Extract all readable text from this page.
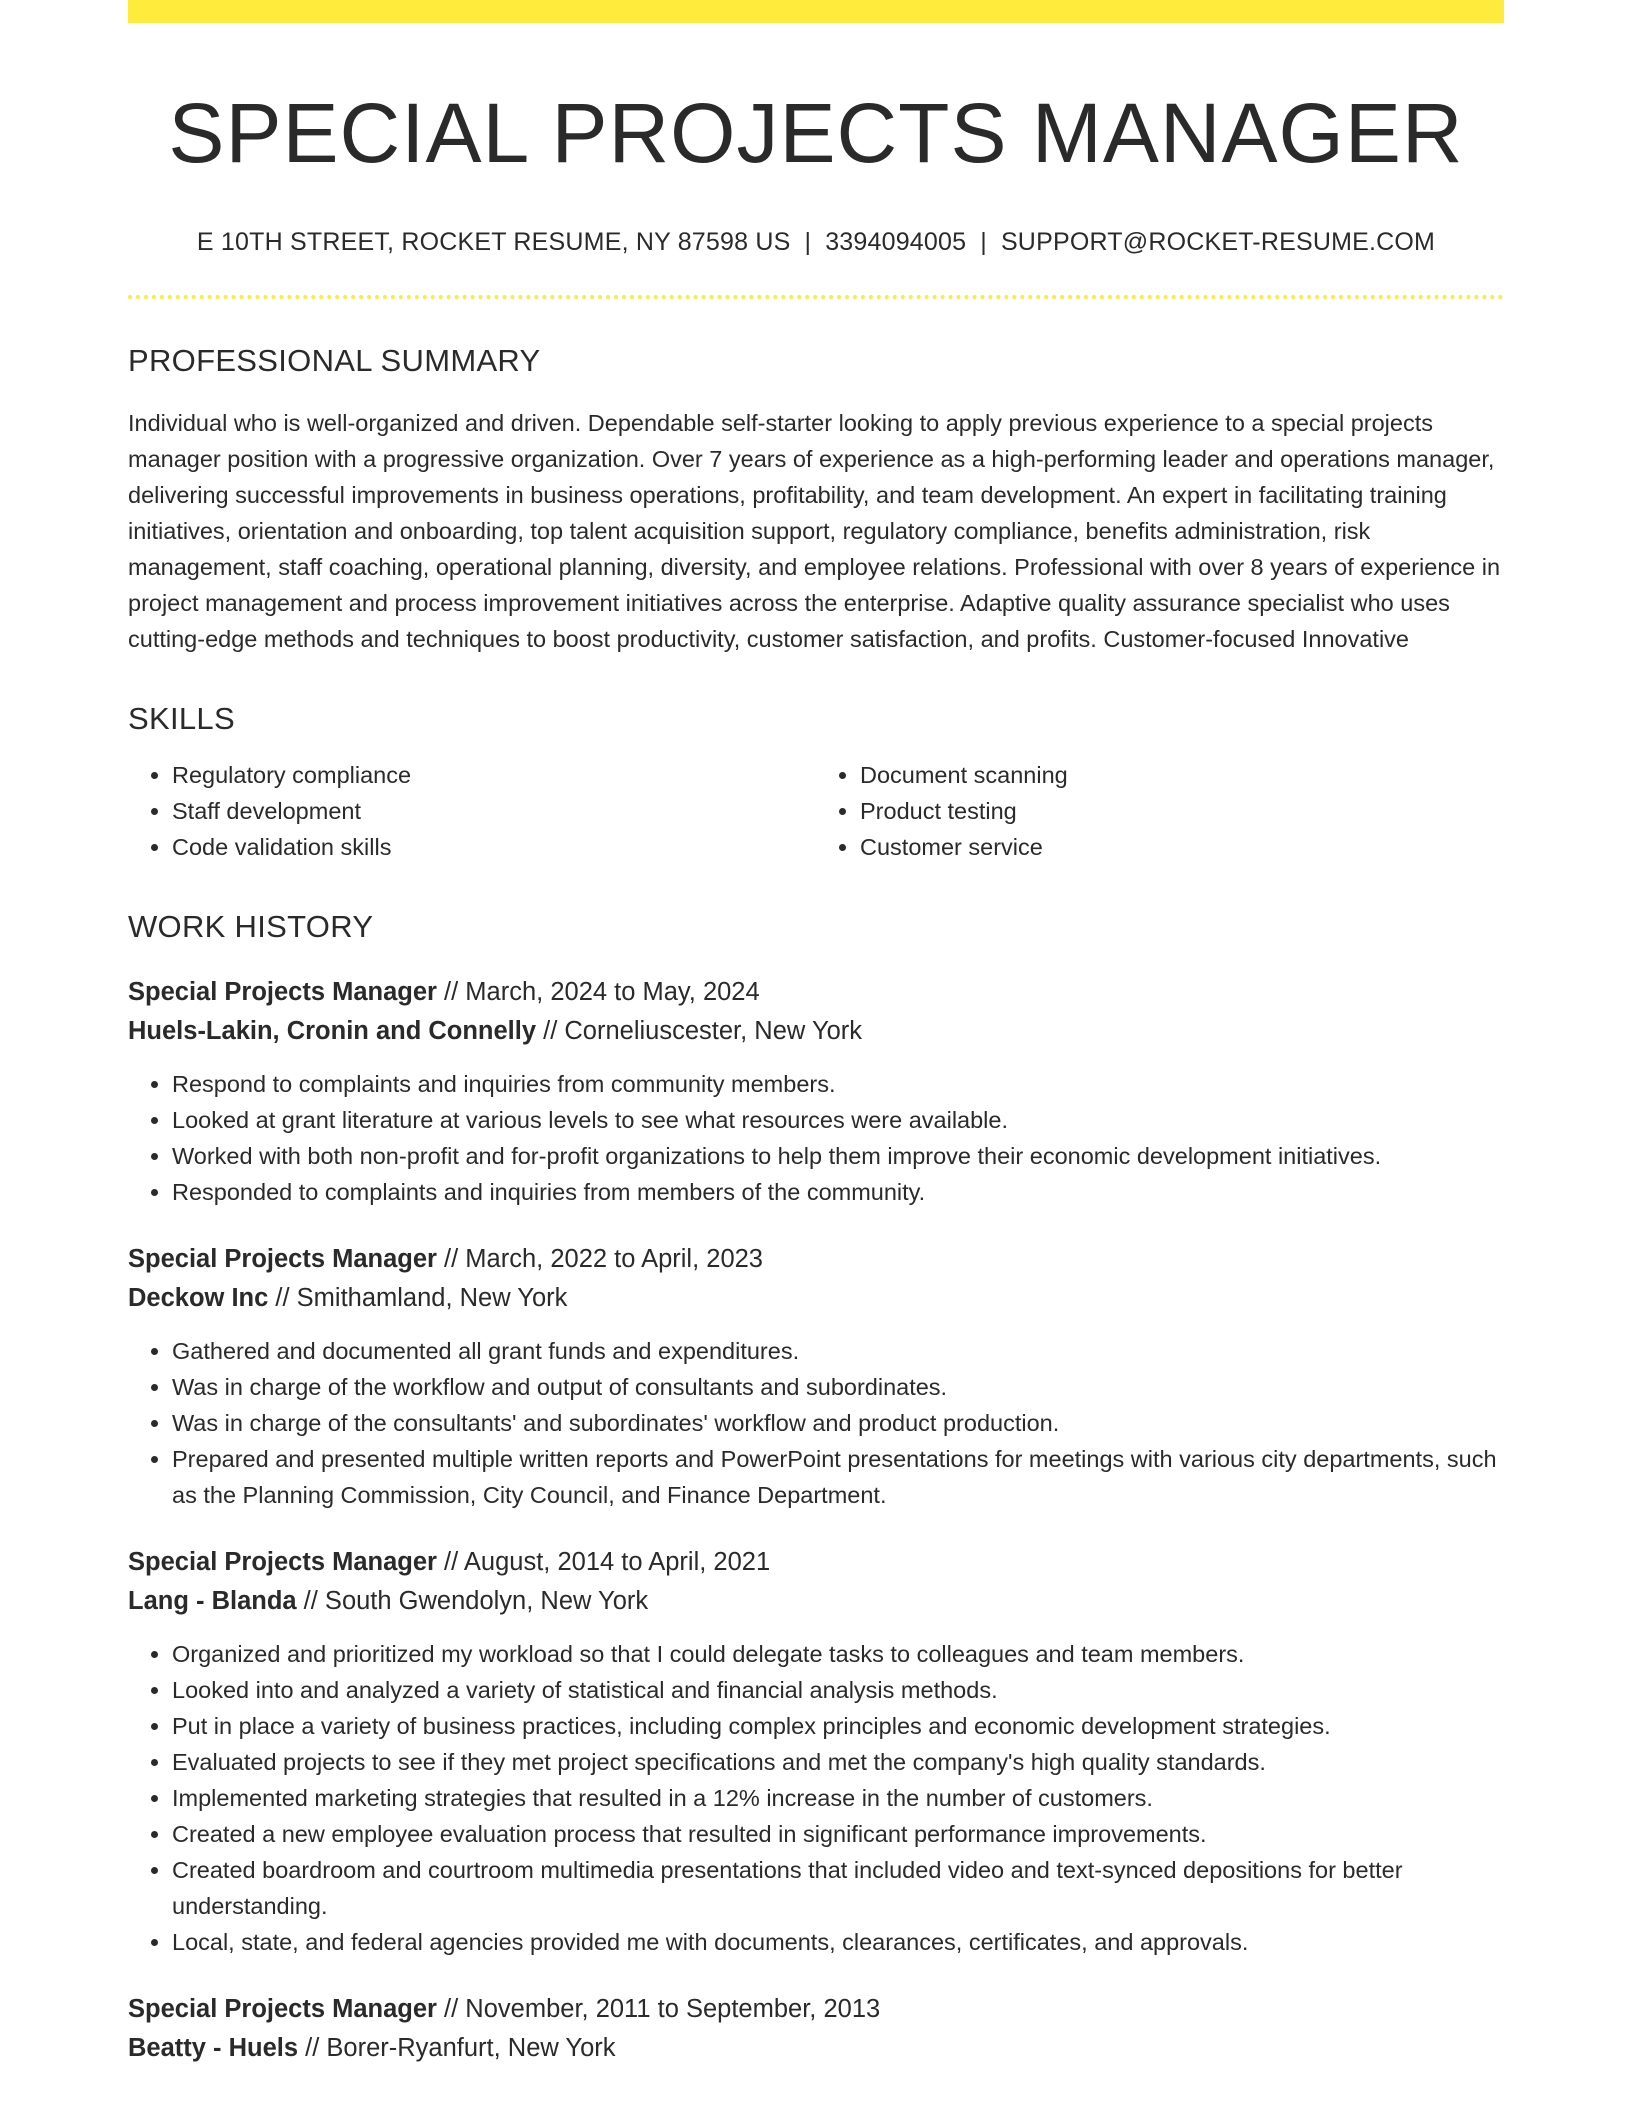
SPECIAL PROJECTS MANAGER
E 10TH STREET, ROCKET RESUME, NY 87598 US | 3394094005 | SUPPORT@ROCKET-RESUME.COM
PROFESSIONAL SUMMARY

Individual who is well-organized and driven. Dependable self-starter looking to apply previous experience to a special projects manager position with a progressive organization. Over 7 years of experience as a high-performing leader and operations manager, delivering successful improvements in business operations, profitability, and team development. An expert in facilitating training initiatives, orientation and onboarding, top talent acquisition support, regulatory compliance, benefits administration, risk management, staff coaching, operational planning, diversity, and employee relations. Professional with over 8 years of experience in project management and process improvement initiatives across the enterprise. Adaptive quality assurance specialist who uses cutting-edge methods and techniques to boost productivity, customer satisfaction, and profits. Customer-focused Innovative

SKILLS
• Regulatory compliance
• Staff development
• Code validation skills
• Document scanning
• Product testing
• Customer service
WORK HISTORY
Special Projects Manager // March, 2024 to May, 2024
Huels-Lakin, Cronin and Connelly // Corneliuscester, New York
• Respond to complaints and inquiries from community members.
• Looked at grant literature at various levels to see what resources were available.
• Worked with both non-profit and for-profit organizations to help them improve their economic development initiatives.
• Responded to complaints and inquiries from members of the community.
Special Projects Manager // March, 2022 to April, 2023
Deckow Inc // Smithamland, New York
• Gathered and documented all grant funds and expenditures.
• Was in charge of the workflow and output of consultants and subordinates.
• Was in charge of the consultants' and subordinates' workflow and product production.
• Prepared and presented multiple written reports and PowerPoint presentations for meetings with various city departments, such as the Planning Commission, City Council, and Finance Department.
Special Projects Manager // August, 2014 to April, 2021
Lang - Blanda // South Gwendolyn, New York
• Organized and prioritized my workload so that I could delegate tasks to colleagues and team members.
• Looked into and analyzed a variety of statistical and financial analysis methods.
• Put in place a variety of business practices, including complex principles and economic development strategies.
• Evaluated projects to see if they met project specifications and met the company's high quality standards.
• Implemented marketing strategies that resulted in a 12% increase in the number of customers.
• Created a new employee evaluation process that resulted in significant performance improvements.
• Created boardroom and courtroom multimedia presentations that included video and text-synced depositions for better understanding.
• Local, state, and federal agencies provided me with documents, clearances, certificates, and approvals.
Special Projects Manager // November, 2011 to September, 2013
Beatty - Huels // Borer-Ryanfurt, New York
